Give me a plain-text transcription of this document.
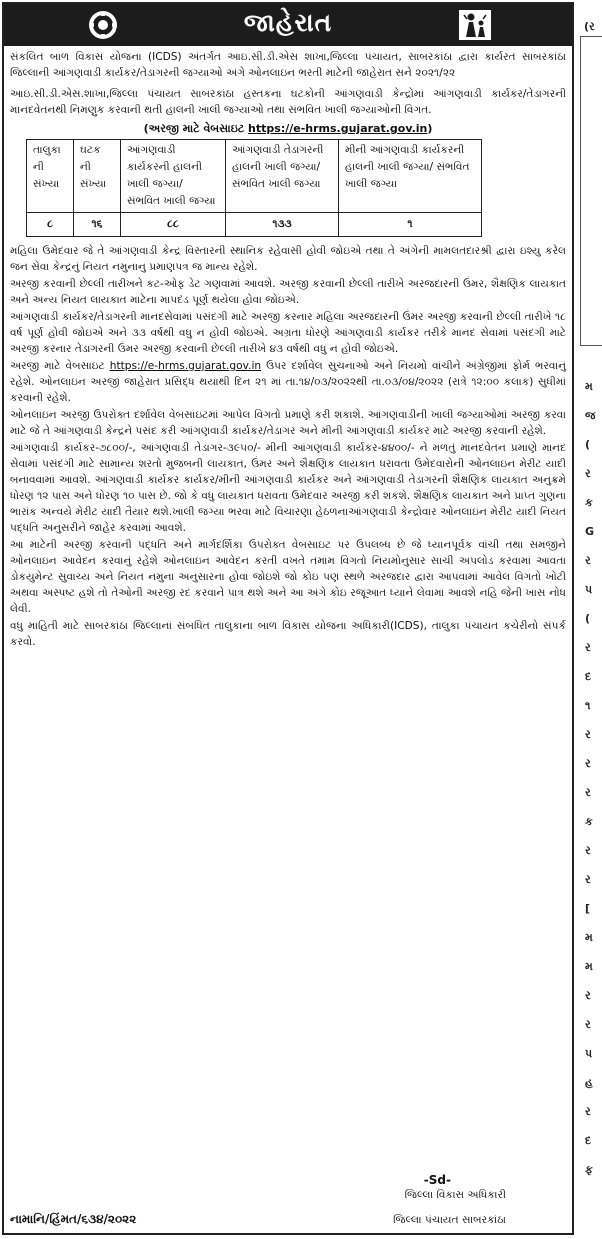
જાહેરાત
સંકલિત બાળ વિકાસ યોજના (ICDS) અંતર્ગત આઇ.સી.ડી.એસ શાખા,જિલ્લા પંચાયત, સાબરકાંઠા દ્વારા કાર્યરત સાબરકાંઠા જિલ્લાની આંગણવાડી કાર્યકર/તેડાગરની જગ્યાઓ અંગે ઓનલાઇન ભરતી માટેની જાહેરાત સને ૨૦૨૧/૨૨
આઇ.સી.ડી.એસ.શાખા,જિલ્લા પંચાયત સાબરકાંઠા હસ્તકના ઘટકોની આંગણવાડી કેન્દ્રોમાં આંગણવાડી કાર્યકર/તેડાગરની માનદવેતનથી નિમણુક કરવાની થતી હાલની ખાલી જગ્યાઓ તથા સંભવિત ખાલી જગ્યાઓની વિગત.
(અરજી માટે વેબસાઇટ https://e-hrms.gujarat.gov.in)
તાલુકા ની સંખ્યા	ઘટક ની સંખ્યા	આંગણવાડી કાર્યકરની હાલની ખાલી જગ્યા/ સંભવિત ખાલી જગ્યા	આંગણવાડી તેડાગરની હાલની ખાલી જગ્યા/ સંભવિત ખાલી જગ્યા	મીની આંગણવાડી કાર્યકરની હાલની ખાલી જગ્યા/ સંભવિત ખાલી જગ્યા
૮	૧૬	૮૮	૧૩૩	૧
મહિલા ઉમેદવાર જે તે આંગણવાડી કેન્દ્ર વિસ્તારની સ્થાનિક રહેવાસી હોવી જોઇએ તથા તે અંગેની મામલતદારશ્રી દ્વારા ઇશ્યુ કરેલ જન સેવા કેન્દ્રનું નિયત નમુનાનુ પ્રમાણપત્ર જ માન્ય રહેશે.
અરજી કરવાની છેલ્લી તારીખને કટ-ઓફ ડેટ ગણવામાં આવશે. અરજી કરવાની છેલ્લી તારીખે અરજદારની ઉંમર, શૈક્ષણિક લાયકાત અને અન્ય નિયત લાયકાત માટેના માપદંડ પૂર્ણ થયેલા હોવા જોઇએ.
આંગણવાડી કાર્યકર/તેડાગરની માનદસેવામાં પસંદગી માટે અરજી કરનાર મહિલા અરજદારની ઉંમર અરજી કરવાની છેલ્લી તારીખે ૧૮ વર્ષ પૂર્ણ હોવી જોઇએ અને ૩૩ વર્ષથી વધુ ન હોવી જોઇએ. અગ્રતા ધોરણે આંગણવાડી કાર્યકર તરીકે માનદ સેવામાં પસંદગી માટે અરજી કરનાર તેડાગરની ઉંમર અરજી કરવાની છેલ્લી તારીખે ૪૩ વર્ષથી વધુ ન હોવી જોઇએ.
અરજી માટે વેબસાઇટ https://e-hrms.gujarat.gov.in ઉપર દર્શાવેલ સુચનાઓ અને નિયમો વાંચીને અંગ્રેજીમાં ફોર્મ ભરવાનું રહેશે. ઓનલાઇન અરજી જાહેરાત પ્રસિદ્ધ થયાથી દિન ૨૧ માં તા.૧૪/૦૩/૨૦૨૨થી તા.૦૩/૦૪/૨૦૨૨ (રાત્રે ૧૨:૦૦ કલાક) સુધીમાં કરવાની રહેશે.
ઓનલાઇન અરજી ઉપરોક્ત દર્શાવેલ વેબસાઇટમાં આપેલ વિગતો પ્રમાણે કરી શકાશે. આંગણવાડીની ખાલી જગ્યાઓમાં અરજી કરવા માટે જે તે આંગણવાડી કેન્દ્રને પસંદ કરી આંગણવાડી કાર્યકર/તેડાગર અને મીની આંગણવાડી કાર્યકર માટે અરજી કરવાની રહેશે.
આંગણવાડી કાર્યકર-૭૮૦૦/-, આંગણવાડી તેડાગર-૩૯૫૦/- મીની આંગણવાડી કાર્યકર-૪૪૦૦/- ને મળતું માનદવેતન પ્રમાણે માનદ સેવામાં પસંદગી માટે સામાન્ય શરતો મુજબની લાયકાત, ઉંમર અને શૈક્ષણિક લાયકાત ધરાવતા ઉમેદવારોની ઓનલાઇન મેરીટ યાદી બનાવવામાં આવશે. આંગણવાડી કાર્યકર કાર્યકર/મીની આંગણવાડી કાર્યકર અને આંગણવાડી તેડાગરની શૈક્ષણિક લાયકાત અનુક્રમે ધોરણ ૧૨ પાસ અને ધોરણ ૧૦ પાસ છે. જો કે વધુ લાયકાત ધરાવતા ઉમેદવાર અરજી કરી શકશે. શૈક્ષણિક લાયકાત અને પ્રાપ્ત ગુણના ભારાંક અન્વયે મેરીટ યાદી તૈયાર થશે.ખાલી જગ્યા ભરવા માટે વિચારણા હેઠળનાઆંગણવાડી કેન્દ્રોવાર ઓનલાઇન મેરીટ યાદી નિયત પદ્ધતિ અનુસરીને જાહેર કરવામાં આવશે.
આ માટેની અરજી કરવાની પદ્ધતિ અને માર્ગદર્શિકા ઉપરોક્ત વેબસાઇટ પર ઉપલબ્ધ છે જે ધ્યાનપૂર્વક વાંચી તથા સમજીને ઓનલાઇન આવેદન કરવાનું રહેશે ઓનલાઇન આવેદન કરતી વખતે તમામ વિગતો નિયમોનુસાર સાચી અપલોડ કરવામાં આવતા ડોકયુમેન્ટ સુવાચ્ય અને નિયત નમુના અનુસારના હોવા જોઇશે જો કોઇ પણ સ્થળે અરજદાર દ્વારા આપવામાં આવેલ વિગતો ખોટી અથવા અસ્પષ્ટ હશે તો તેઓની અરજી રદ કરવાને પાત્ર થશે અને આ અંગે કોઇ રજૂઆત ધ્યાને લેવામાં આવશે નહિ જેની ખાસ નોધ લેવી.
વધુ માહિતી માટે સાબરકાંઠા જિલ્લાનાં સંબધિત તાલુકાના બાળ વિકાસ યોજના અધિકારી(ICDS), તાલુકા પંચાયત કચેરીનો સંપર્ક કરવો.
-Sd-
જિલ્લા વિકાસ અધિકારી
જિલ્લા પંચાયત સાબરકાંઠા
નામાનિ/હિંમત/૬૩૪/૨૦૨૨
(ર
મ
જ
(
ર
ક
G
ર
પ
(
ર
દ
૧
ર
ર
ર
ક
ર
ર
[
મ
મ
ર
ર
પ
હ
ર
દ
ફ
